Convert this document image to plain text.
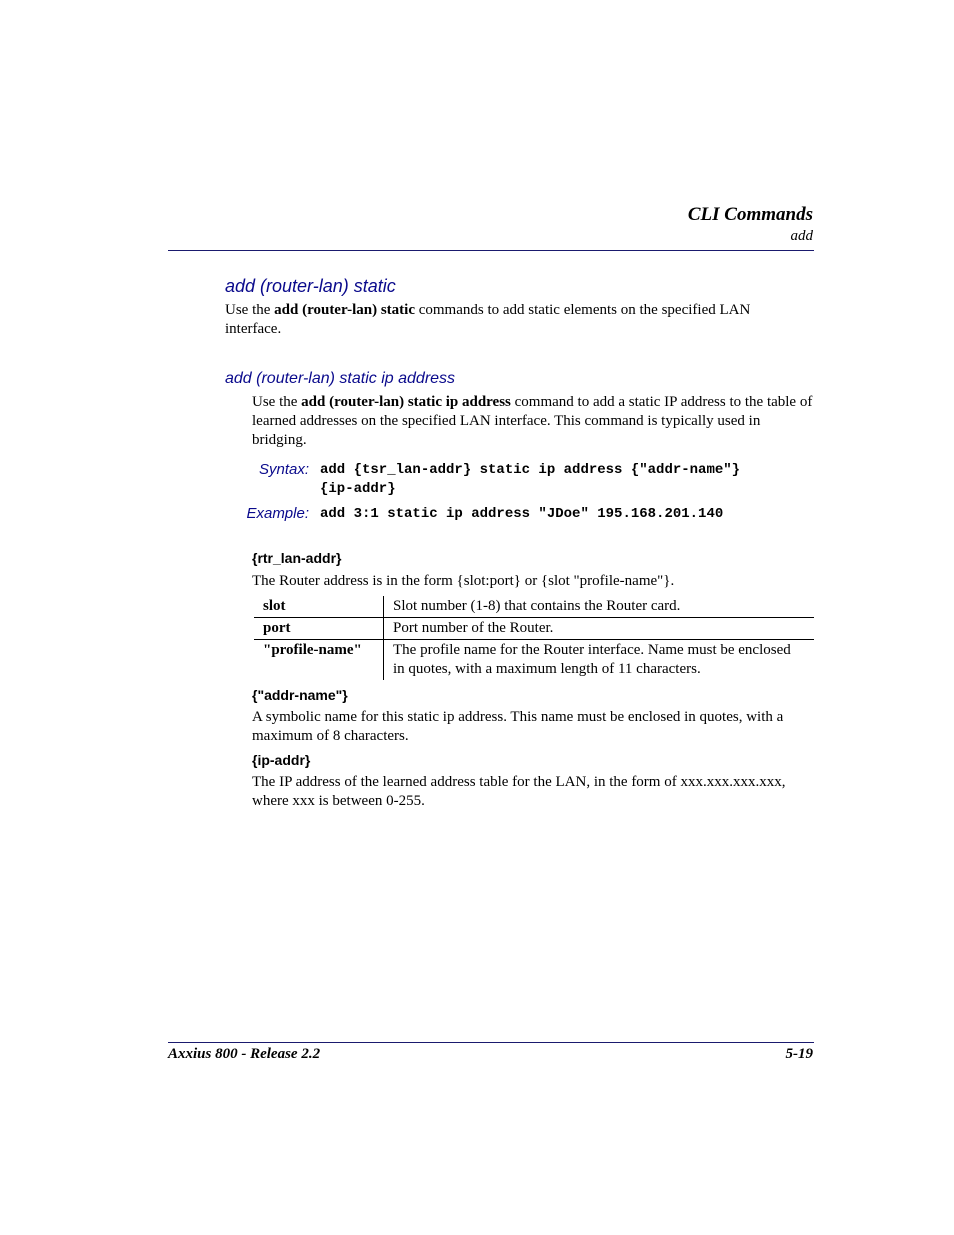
CLI Commands
add
add (router-lan) static
Use the add (router-lan) static commands to add static elements on the specified LAN interface.
add (router-lan) static ip address
Use the add (router-lan) static ip address command to add a static IP address to the table of learned addresses on the specified LAN interface. This command is typically used in bridging.
Syntax: add {tsr_lan-addr} static ip address {"addr-name"}
{ip-addr}
Example: add 3:1 static ip address "JDoe" 195.168.201.140
{rtr_lan-addr}
The Router address is in the form {slot:port} or {slot "profile-name"}.
slot	Slot number (1-8) that contains the Router card.
port	Port number of the Router.
"profile-name"	The profile name for the Router interface. Name must be enclosed in quotes, with a maximum length of 11 characters.
{"addr-name"}
A symbolic name for this static ip address. This name must be enclosed in quotes, with a maximum of 8 characters.
{ip-addr}
The IP address of the learned address table for the LAN, in the form of xxx.xxx.xxx.xxx, where xxx is between 0-255.
Axxius 800 - Release 2.2	5-19
